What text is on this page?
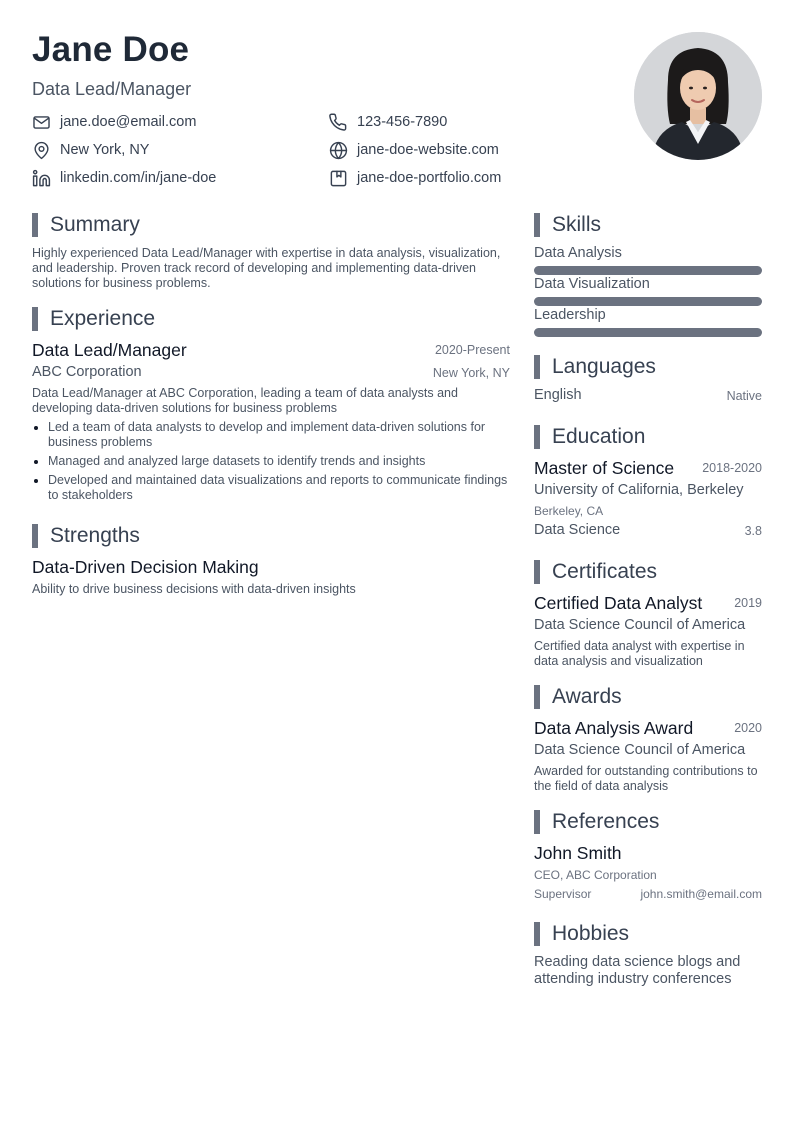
Jane Doe
Data Lead/Manager
jane.doe@email.com	123-456-7890
New York, NY	jane-doe-website.com
linkedin.com/in/jane-doe	jane-doe-portfolio.com
Summary
Highly experienced Data Lead/Manager with expertise in data analysis, visualization, and leadership. Proven track record of developing and implementing data-driven solutions for business problems.
Experience
Data Lead/Manager	2020-Present
ABC Corporation	New York, NY
Data Lead/Manager at ABC Corporation, leading a team of data analysts and developing data-driven solutions for business problems
Led a team of data analysts to develop and implement data-driven solutions for business problems
Managed and analyzed large datasets to identify trends and insights
Developed and maintained data visualizations and reports to communicate findings to stakeholders
Strengths
Data-Driven Decision Making
Ability to drive business decisions with data-driven insights
Skills
Data Analysis
Data Visualization
Leadership
Languages
English	Native
Education
Master of Science	2018-2020
University of California, Berkeley
Berkeley, CA
Data Science	3.8
Certificates
Certified Data Analyst	2019
Data Science Council of America
Certified data analyst with expertise in data analysis and visualization
Awards
Data Analysis Award	2020
Data Science Council of America
Awarded for outstanding contributions to the field of data analysis
References
John Smith
CEO, ABC Corporation
Supervisor	john.smith@email.com
Hobbies
Reading data science blogs and attending industry conferences
